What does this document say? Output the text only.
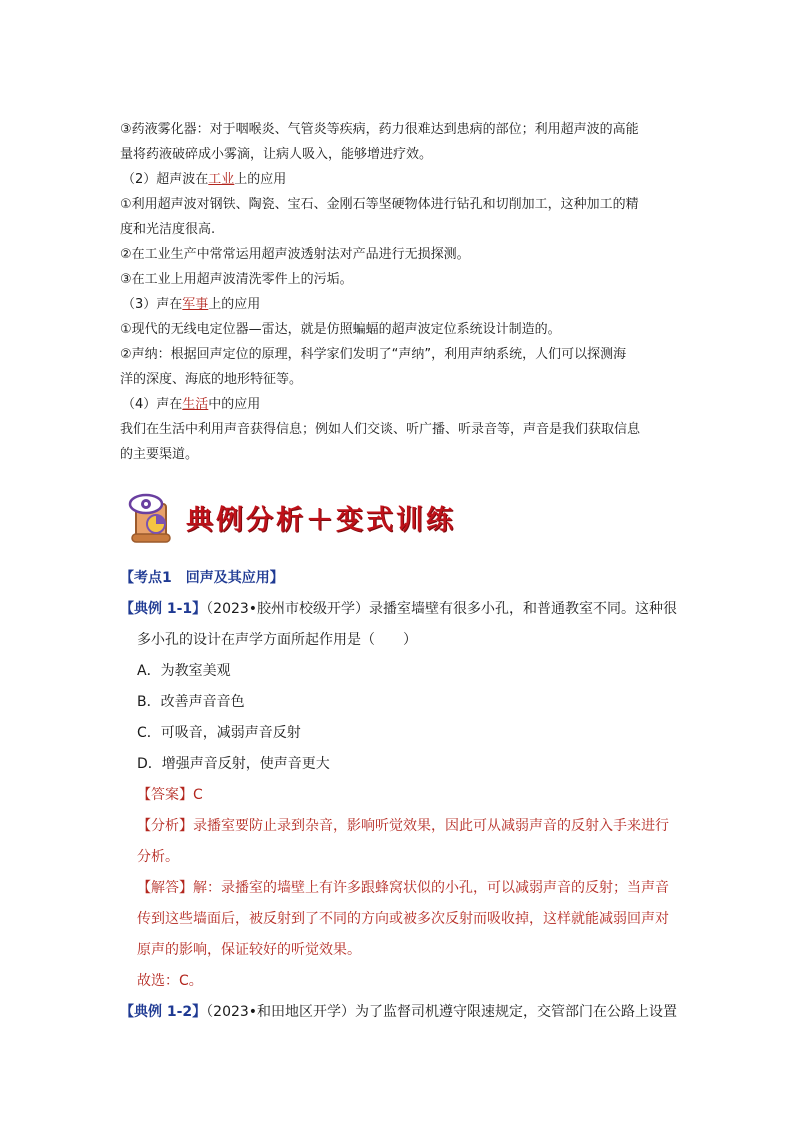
③药液雾化器：对于咽喉炎、气管炎等疾病，药力很难达到患病的部位；利用超声波的高能
量将药液破碎成小雾滴，让病人吸入，能够增进疗效。
（2）超声波在工业上的应用
①利用超声波对钢铁、陶瓷、宝石、金刚石等坚硬物体进行钻孔和切削加工，这种加工的精
度和光洁度很高.
②在工业生产中常常运用超声波透射法对产品进行无损探测。
③在工业上用超声波清洗零件上的污垢。
（3）声在军事上的应用
①现代的无线电定位器—雷达，就是仿照蝙蝠的超声波定位系统设计制造的。
②声纳：根据回声定位的原理，科学家们发明了“声纳”，利用声纳系统，人们可以探测海
洋的深度、海底的地形特征等。
（4）声在生活中的应用
我们在生活中利用声音获得信息；例如人们交谈、听广播、听录音等，声音是我们获取信息
的主要渠道。
典例分析＋变式训练
【考点1　回声及其应用】
【典例 1-1】（2023•胶州市校级开学）录播室墙壁有很多小孔，和普通教室不同。这种很
多小孔的设计在声学方面所起作用是（　　）
A．为教室美观
B．改善声音音色
C．可吸音，减弱声音反射
D．增强声音反射，使声音更大
【答案】C
【分析】录播室要防止录到杂音，影响听觉效果，因此可从减弱声音的反射入手来进行
分析。
【解答】解：录播室的墙壁上有许多跟蜂窝状似的小孔，可以减弱声音的反射；当声音
传到这些墙面后，被反射到了不同的方向或被多次反射而吸收掉，这样就能减弱回声对
原声的影响，保证较好的听觉效果。
故选：C。
【典例 1-2】（2023•和田地区开学）为了监督司机遵守限速规定，交管部门在公路上设置
